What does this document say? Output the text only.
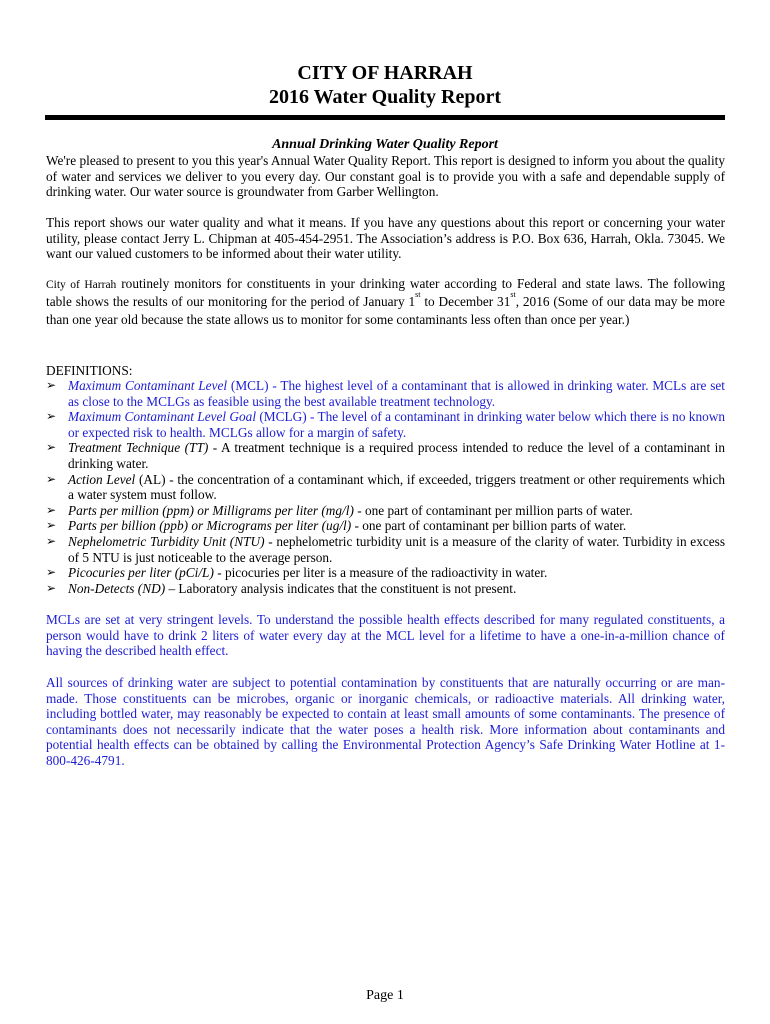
CITY OF HARRAH
2016 Water Quality Report
Annual Drinking Water Quality Report

We're pleased to present to you this year's Annual Water Quality Report. This report is designed to inform you about the quality of water and services we deliver to you every day. Our constant goal is to provide you with a safe and dependable supply of drinking water. Our water source is groundwater from Garber Wellington.

This report shows our water quality and what it means. If you have any questions about this report or concerning your water utility, please contact Jerry L. Chipman at 405-454-2951. The Association’s address is P.O. Box 636, Harrah, Okla. 73045. We want our valued customers to be informed about their water utility.

City of Harrah routinely monitors for constituents in your drinking water according to Federal and state laws. The following table shows the results of our monitoring for the period of January 1st to December 31st, 2016 (Some of our data may be more than one year old because the state allows us to monitor for some contaminants less often than once per year.)

DEFINITIONS:
➢ Maximum Contaminant Level (MCL) - The highest level of a contaminant that is allowed in drinking water. MCLs are set as close to the MCLGs as feasible using the best available treatment technology.
➢ Maximum Contaminant Level Goal (MCLG) - The level of a contaminant in drinking water below which there is no known or expected risk to health. MCLGs allow for a margin of safety.
➢ Treatment Technique (TT) - A treatment technique is a required process intended to reduce the level of a contaminant in drinking water.
➢ Action Level (AL) - the concentration of a contaminant which, if exceeded, triggers treatment or other requirements which a water system must follow.
➢ Parts per million (ppm) or Milligrams per liter (mg/l) - one part of contaminant per million parts of water.
➢ Parts per billion (ppb) or Micrograms per liter (ug/l) - one part of contaminant per billion parts of water.
➢ Nephelometric Turbidity Unit (NTU) - nephelometric turbidity unit is a measure of the clarity of water. Turbidity in excess of 5 NTU is just noticeable to the average person.
➢ Picocuries per liter (pCi/L) - picocuries per liter is a measure of the radioactivity in water.
➢ Non-Detects (ND) – Laboratory analysis indicates that the constituent is not present.

MCLs are set at very stringent levels. To understand the possible health effects described for many regulated constituents, a person would have to drink 2 liters of water every day at the MCL level for a lifetime to have a one-in-a-million chance of having the described health effect.

All sources of drinking water are subject to potential contamination by constituents that are naturally occurring or are man-made. Those constituents can be microbes, organic or inorganic chemicals, or radioactive materials. All drinking water, including bottled water, may reasonably be expected to contain at least small amounts of some contaminants. The presence of contaminants does not necessarily indicate that the water poses a health risk. More information about contaminants and potential health effects can be obtained by calling the Environmental Protection Agency’s Safe Drinking Water Hotline at 1-800-426-4791.

Page 1
